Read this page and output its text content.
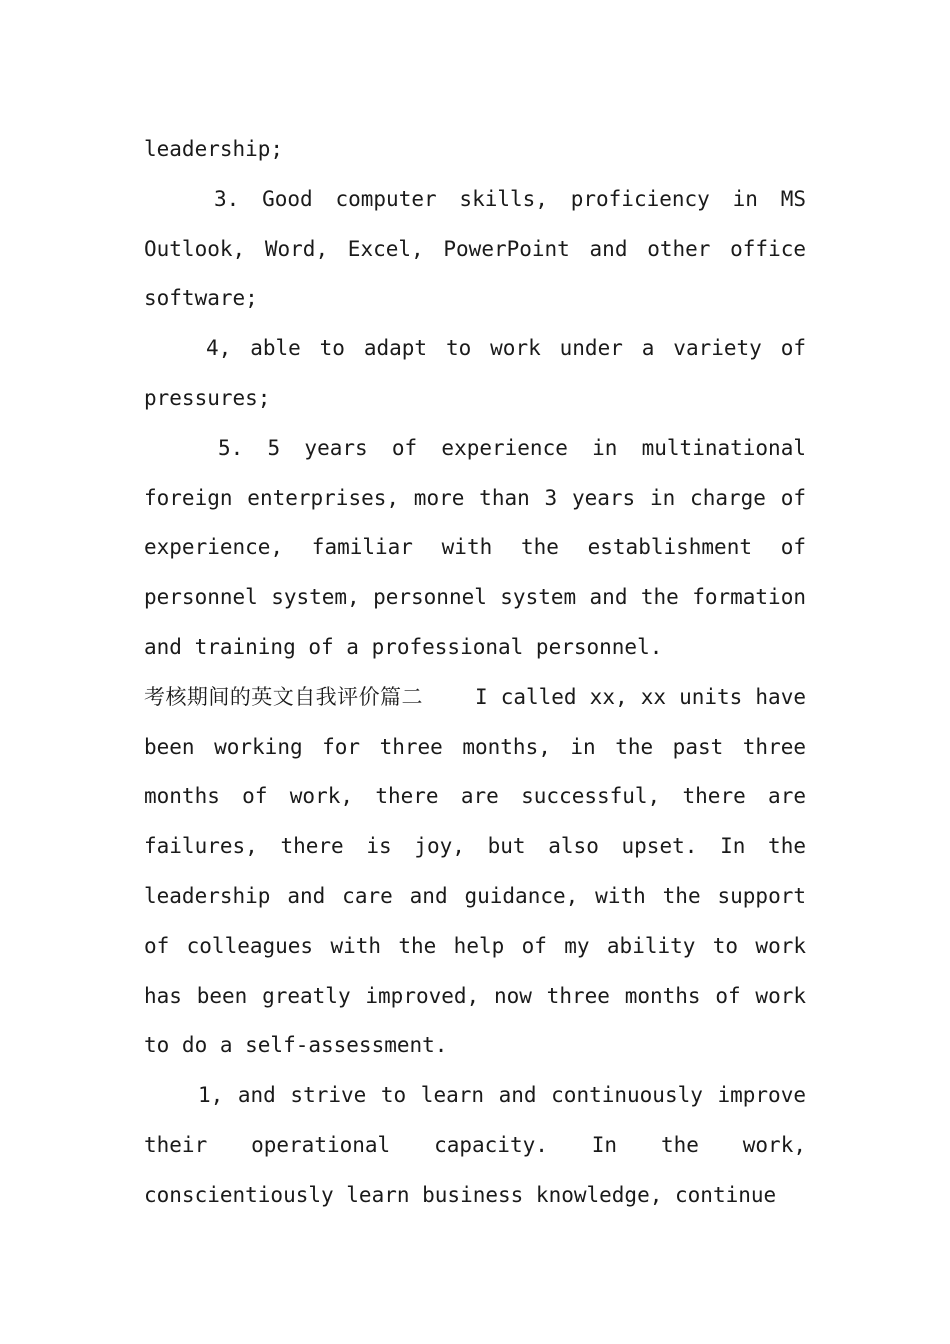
leadership;

3. Good computer skills, proficiency in MS Outlook, Word, Excel, PowerPoint and other office software;

4, able to adapt to work under a variety of pressures;

5. 5 years of experience in multinational foreign enterprises, more than 3 years in charge of experience, familiar with the establishment of personnel system, personnel system and the formation and training of a professional personnel.

考核期间的英文自我评价篇二 I called xx, xx units have been working for three months, in the past three months of work, there are successful, there are failures, there is joy, but also upset. In the leadership and care and guidance, with the support of colleagues with the help of my ability to work has been greatly improved, now three months of work to do a self-assessment.

1, and strive to learn and continuously improve their operational capacity. In the work, conscientiously learn business knowledge, continue
